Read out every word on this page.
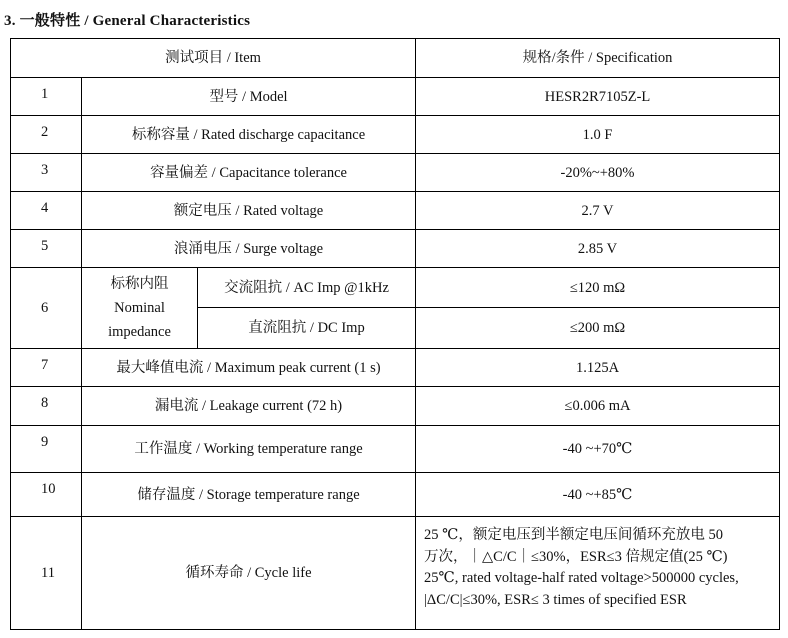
3. 一般特性 / General Characteristics
测试项目 / Item			规格/条件 / Specification
1	型号 / Model		HESR2R7105Z-L
2	标称容量 / Rated discharge capacitance		1.0 F
3	容量偏差 / Capacitance tolerance		-20%~+80%
4	额定电压 / Rated voltage		2.7 V
5	浪涌电压 / Surge voltage		2.85 V
6	标称内阻
Nominal
impedance	交流阻抗 / AC Imp @1kHz	≤120 mΩ
		直流阻抗 / DC Imp	≤200 mΩ
7	最大峰值电流 / Maximum peak current (1 s)		1.125A
8	漏电流 / Leakage current (72 h)		≤0.006 mA
9	工作温度 / Working temperature range		-40 ~+70℃
10	储存温度 / Storage temperature range		-40 ~+85℃
11	循环寿命 / Cycle life		25 ℃，额定电压到半额定电压间循环充放电 50
万次，｜△C/C｜≤30%，ESR≤3 倍规定值(25 ℃)
25℃, rated voltage-half rated voltage>500000 cycles,
|ΔC/C|≤30%, ESR≤ 3 times of specified ESR
